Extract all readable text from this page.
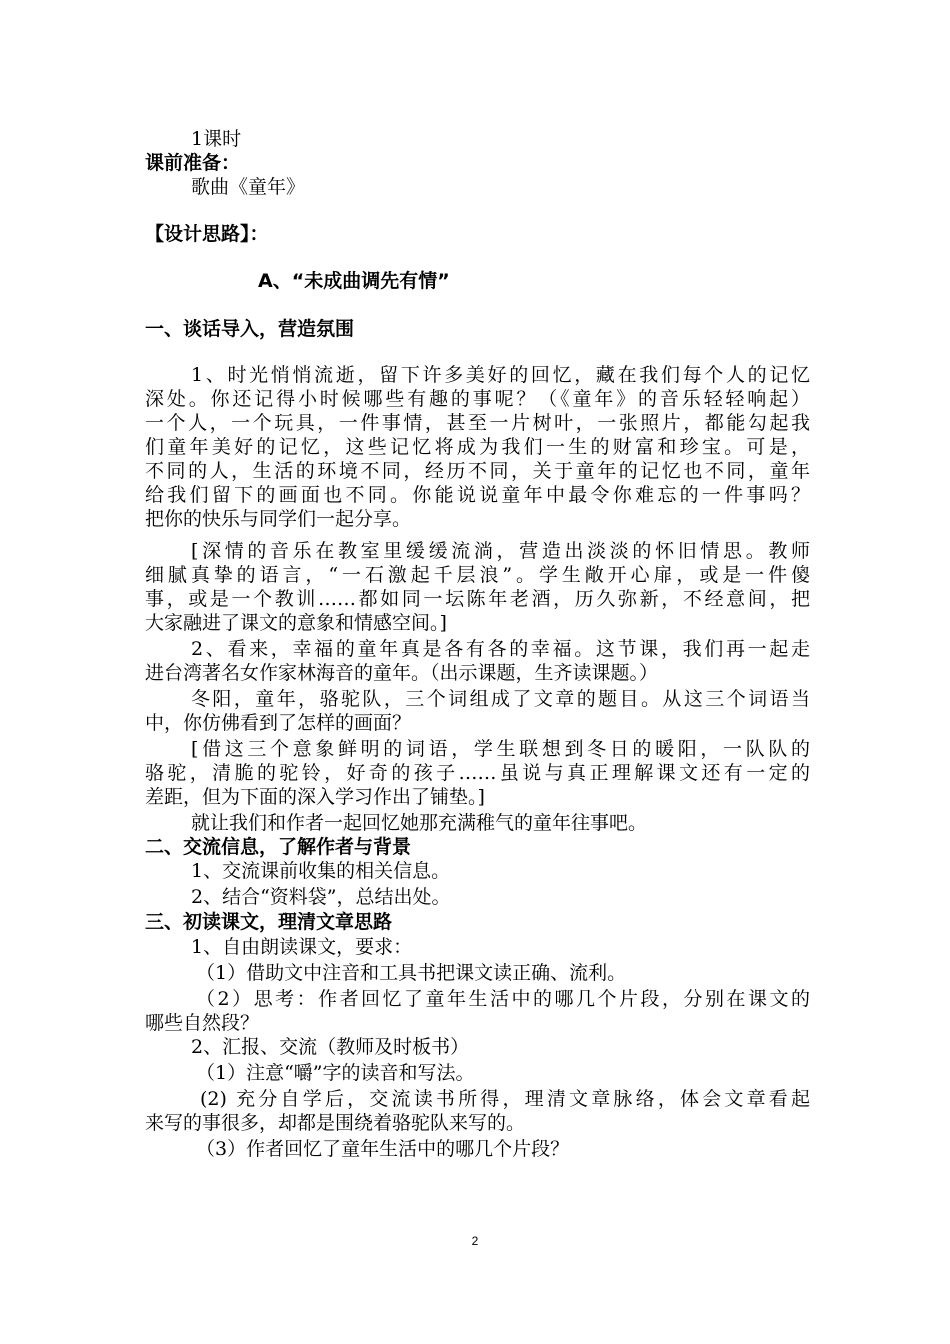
1课时
课前准备：
歌曲《童年》
【设计思路】：
A、“未成曲调先有情”
一、谈话导入，营造氛围
1、时光悄悄流逝，留下许多美好的回忆，藏在我们每个人的记忆
深处。你还记得小时候哪些有趣的事呢？（《童年》的音乐轻轻响起）
一个人，一个玩具，一件事情，甚至一片树叶，一张照片，都能勾起我
们童年美好的记忆，这些记忆将成为我们一生的财富和珍宝。可是，
不同的人，生活的环境不同，经历不同，关于童年的记忆也不同，童年
给我们留下的画面也不同。你能说说童年中最令你难忘的一件事吗？
把你的快乐与同学们一起分享。
[深情的音乐在教室里缓缓流淌，营造出淡淡的怀旧情思。教师
细腻真挚的语言，“一石激起千层浪”。学生敞开心扉，或是一件傻
事，或是一个教训……都如同一坛陈年老酒，历久弥新，不经意间，把
大家融进了课文的意象和情感空间。]
2、看来，幸福的童年真是各有各的幸福。这节课，我们再一起走
进台湾著名女作家林海音的童年。（出示课题，生齐读课题。）
冬阳，童年，骆驼队，三个词组成了文章的题目。从这三个词语当
中，你仿佛看到了怎样的画面？
[借这三个意象鲜明的词语，学生联想到冬日的暖阳，一队队的
骆驼，清脆的驼铃，好奇的孩子……虽说与真正理解课文还有一定的
差距，但为下面的深入学习作出了铺垫。]
就让我们和作者一起回忆她那充满稚气的童年往事吧。
二、交流信息，了解作者与背景
1、交流课前收集的相关信息。
2、结合“资料袋”，总结出处。
三、初读课文，理清文章思路
1、自由朗读课文，要求：
（1）借助文中注音和工具书把课文读正确、流利。
（2）思考：作者回忆了童年生活中的哪几个片段，分别在课文的
哪些自然段？
2、汇报、交流（教师及时板书）
（1）注意“嚼”字的读音和写法。
(2) 充分自学后，交流读书所得，理清文章脉络，体会文章看起
来写的事很多，却都是围绕着骆驼队来写的。
（3）作者回忆了童年生活中的哪几个片段？
2
